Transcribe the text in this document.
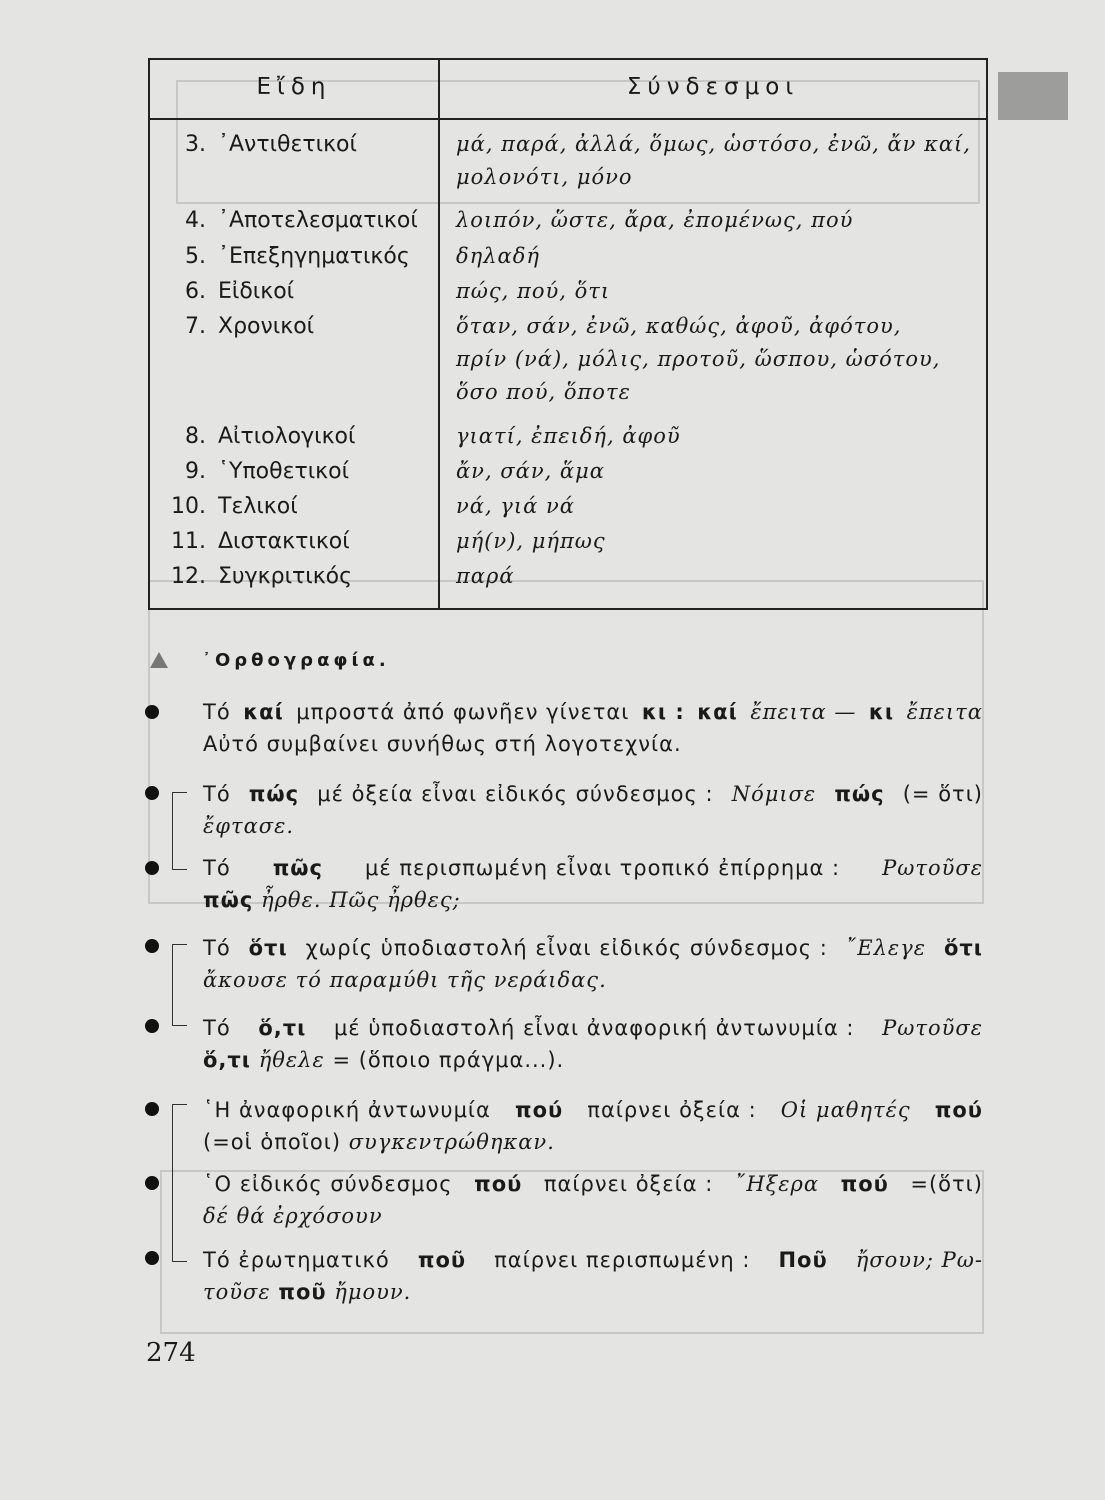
Εἴδη	Σύνδεσμοι
3. ᾿Αντιθετικοί	μά, παρά, ἀλλά, ὅμως, ὡστόσο, ἐνῶ, ἄν καί,
μολονότι, μόνο
4. ᾿Αποτελεσματικοί	λοιπόν, ὥστε, ἄρα, ἐπομένως, πού
5. ᾿Επεξηγηματικός	δηλαδή
6. Εἰδικοί	πώς, πού, ὅτι
7. Χρονικοί	ὅταν, σάν, ἐνῶ, καθώς, ἀφοῦ, ἀφότου,
πρίν (νά), μόλις, προτοῦ, ὥσπου, ὡσότου,
ὅσο πού, ὅποτε
8. Αἰτιολογικοί	γιατί, ἐπειδή, ἀφοῦ
9. ῾Υποθετικοί	ἄν, σάν, ἅμα
10. Τελικοί	νά, γιά νά
11. Διστακτικοί	μή(ν), μήπως
12. Συγκριτικός	παρά
᾿Ορθογραφία.
Τό καί μπροστά ἀπό φωνῆεν γίνεται κι : καί ἔπειτα — κι ἔπειτα
Αὐτό συμβαίνει συνήθως στή λογοτεχνία.
Τό πώς μέ ὀξεία εἶναι εἰδικός σύνδεσμος : Νόμισε πώς (= ὅτι)
ἔφτασε.
Τό πῶς μέ περισπωμένη εἶναι τροπικό ἐπίρρημα : Ρωτοῦσε
πῶς ἦρθε. Πῶς ἦρθες;
Τό ὅτι χωρίς ὑποδιαστολή εἶναι εἰδικός σύνδεσμος : ῎Ελεγε ὅτι
ἄκουσε τό παραμύθι τῆς νεράιδας.
Τό ὅ,τι μέ ὑποδιαστολή εἶναι ἀναφορική ἀντωνυμία : Ρωτοῦσε
ὅ,τι ἤθελε = (ὅποιο πράγμα...).
῾Η ἀναφορική ἀντωνυμία πού παίρνει ὀξεία : Οἱ μαθητές πού
(=οἱ ὁποῖοι) συγκεντρώθηκαν.
῾Ο εἰδικός σύνδεσμος πού παίρνει ὀξεία : ῎Ηξερα πού =(ὅτι)
δέ θά ἐρχόσουν
Τό ἐρωτηματικό ποῦ παίρνει περισπωμένη : Ποῦ ἤσουν; Ρω-
τοῦσε ποῦ ἤμουν.
274
